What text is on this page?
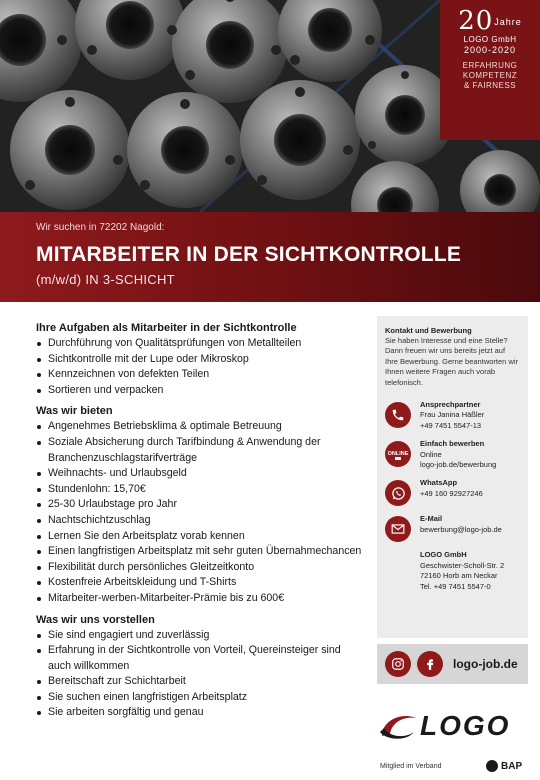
20Jahre
LOGO GmbH
2000-2020
ERFAHRUNG
KOMPETENZ
& FAIRNESS
Wir suchen in 72202 Nagold:
MITARBEITER IN DER SICHTKONTROLLE
(m/w/d) IN 3-SCHICHT
Ihre Aufgaben als Mitarbeiter in der Sichtkontrolle
Durchführung von Qualitätsprüfungen von Metallteilen
Sichtkontrolle mit der Lupe oder Mikroskop
Kennzeichnen von defekten Teilen
Sortieren und verpacken
Was wir bieten
Angenehmes Betriebsklima & optimale Betreuung
Soziale Absicherung durch Tarifbindung & Anwendung der Branchenzuschlagstarifverträge
Weihnachts- und Urlaubsgeld
Stundenlohn: 15,70€
25-30 Urlaubstage pro Jahr
Nachtschichtzuschlag
Lernen Sie den Arbeitsplatz vorab kennen
Einen langfristigen Arbeitsplatz mit sehr guten Übernahmechancen
Flexibilität durch persönliches Gleitzeitkonto
Kostenfreie Arbeitskleidung und T-Shirts
Mitarbeiter-werben-Mitarbeiter-Prämie bis zu 600€
Was wir uns vorstellen
Sie sind engagiert und zuverlässig
Erfahrung in der Sichtkontrolle von Vorteil, Quereinsteiger sind auch willkommen
Bereitschaft zur Schichtarbeit
Sie suchen einen langfristigen Arbeitsplatz
Sie arbeiten sorgfältig und genau
Kontakt und Bewerbung
Sie haben Interesse und eine Stelle? Dann freuen wir uns bereits jetzt auf Ihre Bewerbung. Gerne beantworten wir Ihnen weitere Fragen auch vorab telefonisch.
Ansprechpartner
Frau Janina Häßler
+49 7451 5547-13
ONLINE
Einfach bewerben
Online
logo-job.de/bewerbung
WhatsApp
+49 160 92927246
E-Mail
bewerbung@logo-job.de
LOGO GmbH
Geschwister-Scholl-Str. 2
72160 Horb am Neckar
Tel. +49 7451 5547-0
logo-job.de
LOGO
Mitglied im Verband	BAP
